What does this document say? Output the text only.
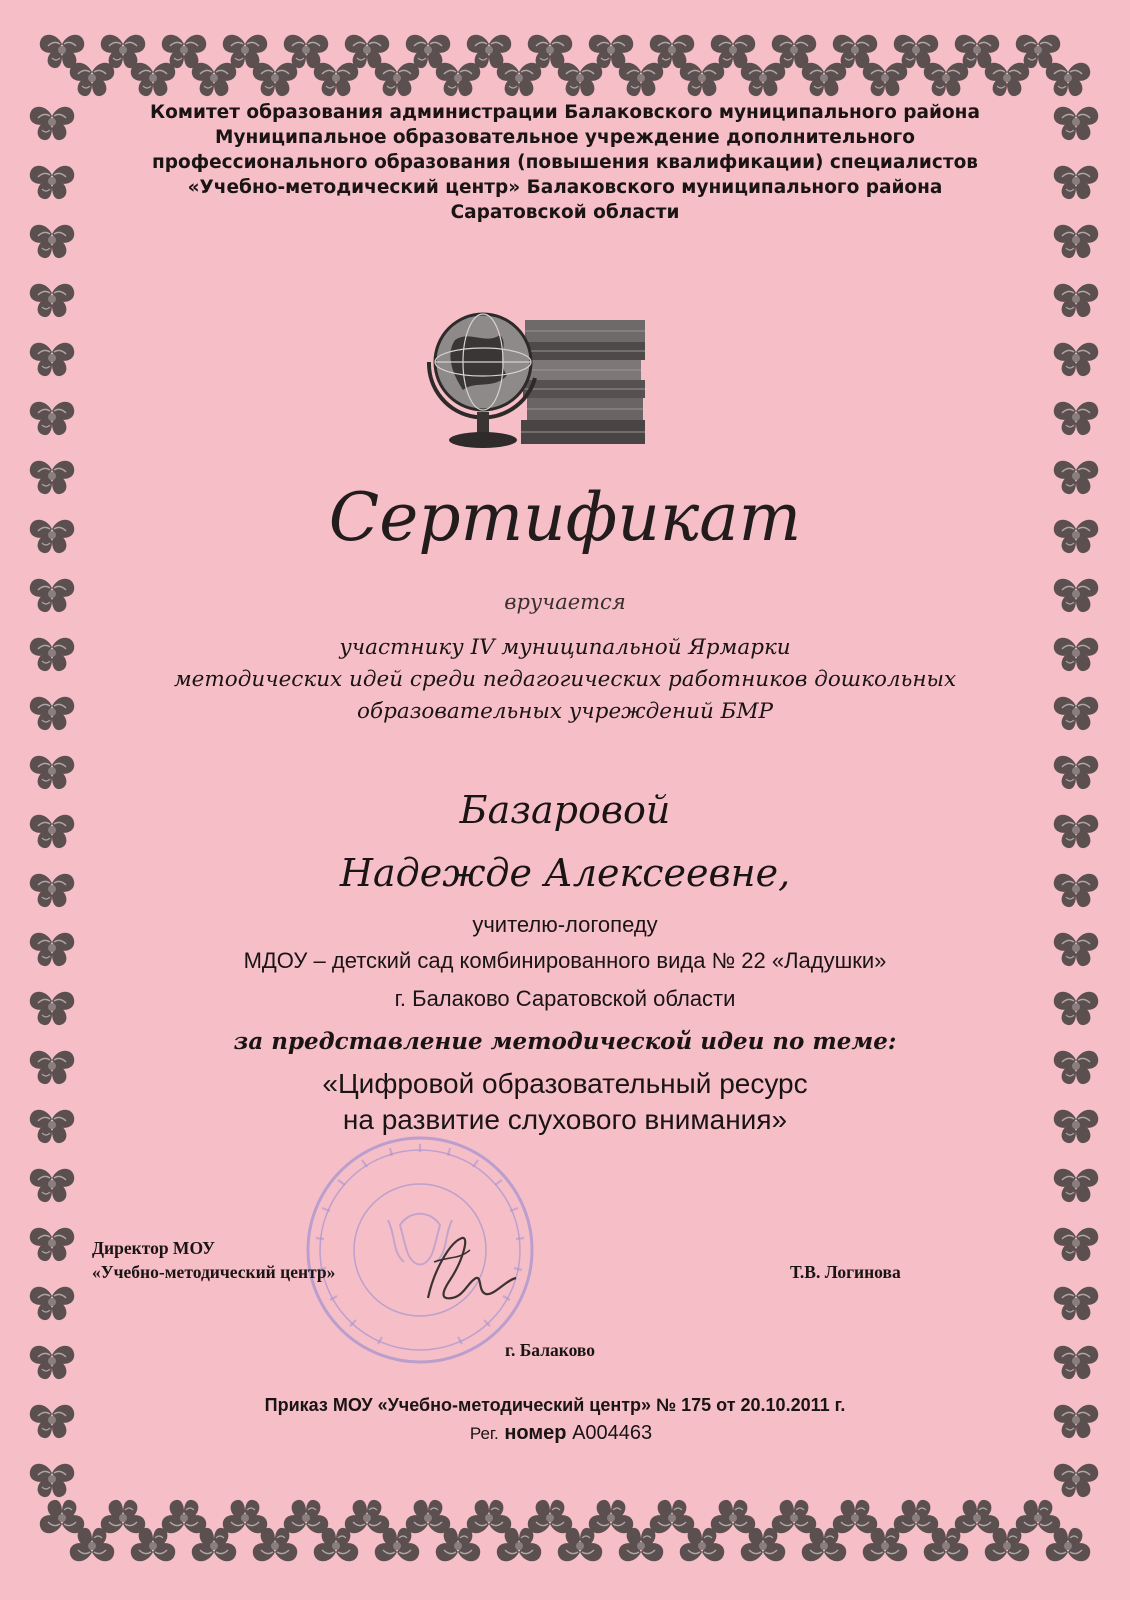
Комитет образования администрации Балаковского муниципального района
Муниципальное образовательное учреждение дополнительного
профессионального образования (повышения квалификации) специалистов
«Учебно-методический центр» Балаковского муниципального района
Саратовской области
Сертификат
вручается
участнику IV муниципальной Ярмарки
методических идей среди педагогических работников дошкольных
образовательных учреждений БМР
Базаровой
Надежде Алексеевне,
учителю-логопеду
МДОУ – детский сад комбинированного вида № 22 «Ладушки»
г. Балаково Саратовской области
за представление методической идеи по теме:
«Цифровой образовательный ресурс
на развитие слухового внимания»
Директор МОУ
«Учебно-методический центр»	Т.В. Логинова
г. Балаково
Приказ МОУ «Учебно-методический центр» № 175 от 20.10.2011 г.
Рег. номер А004463
